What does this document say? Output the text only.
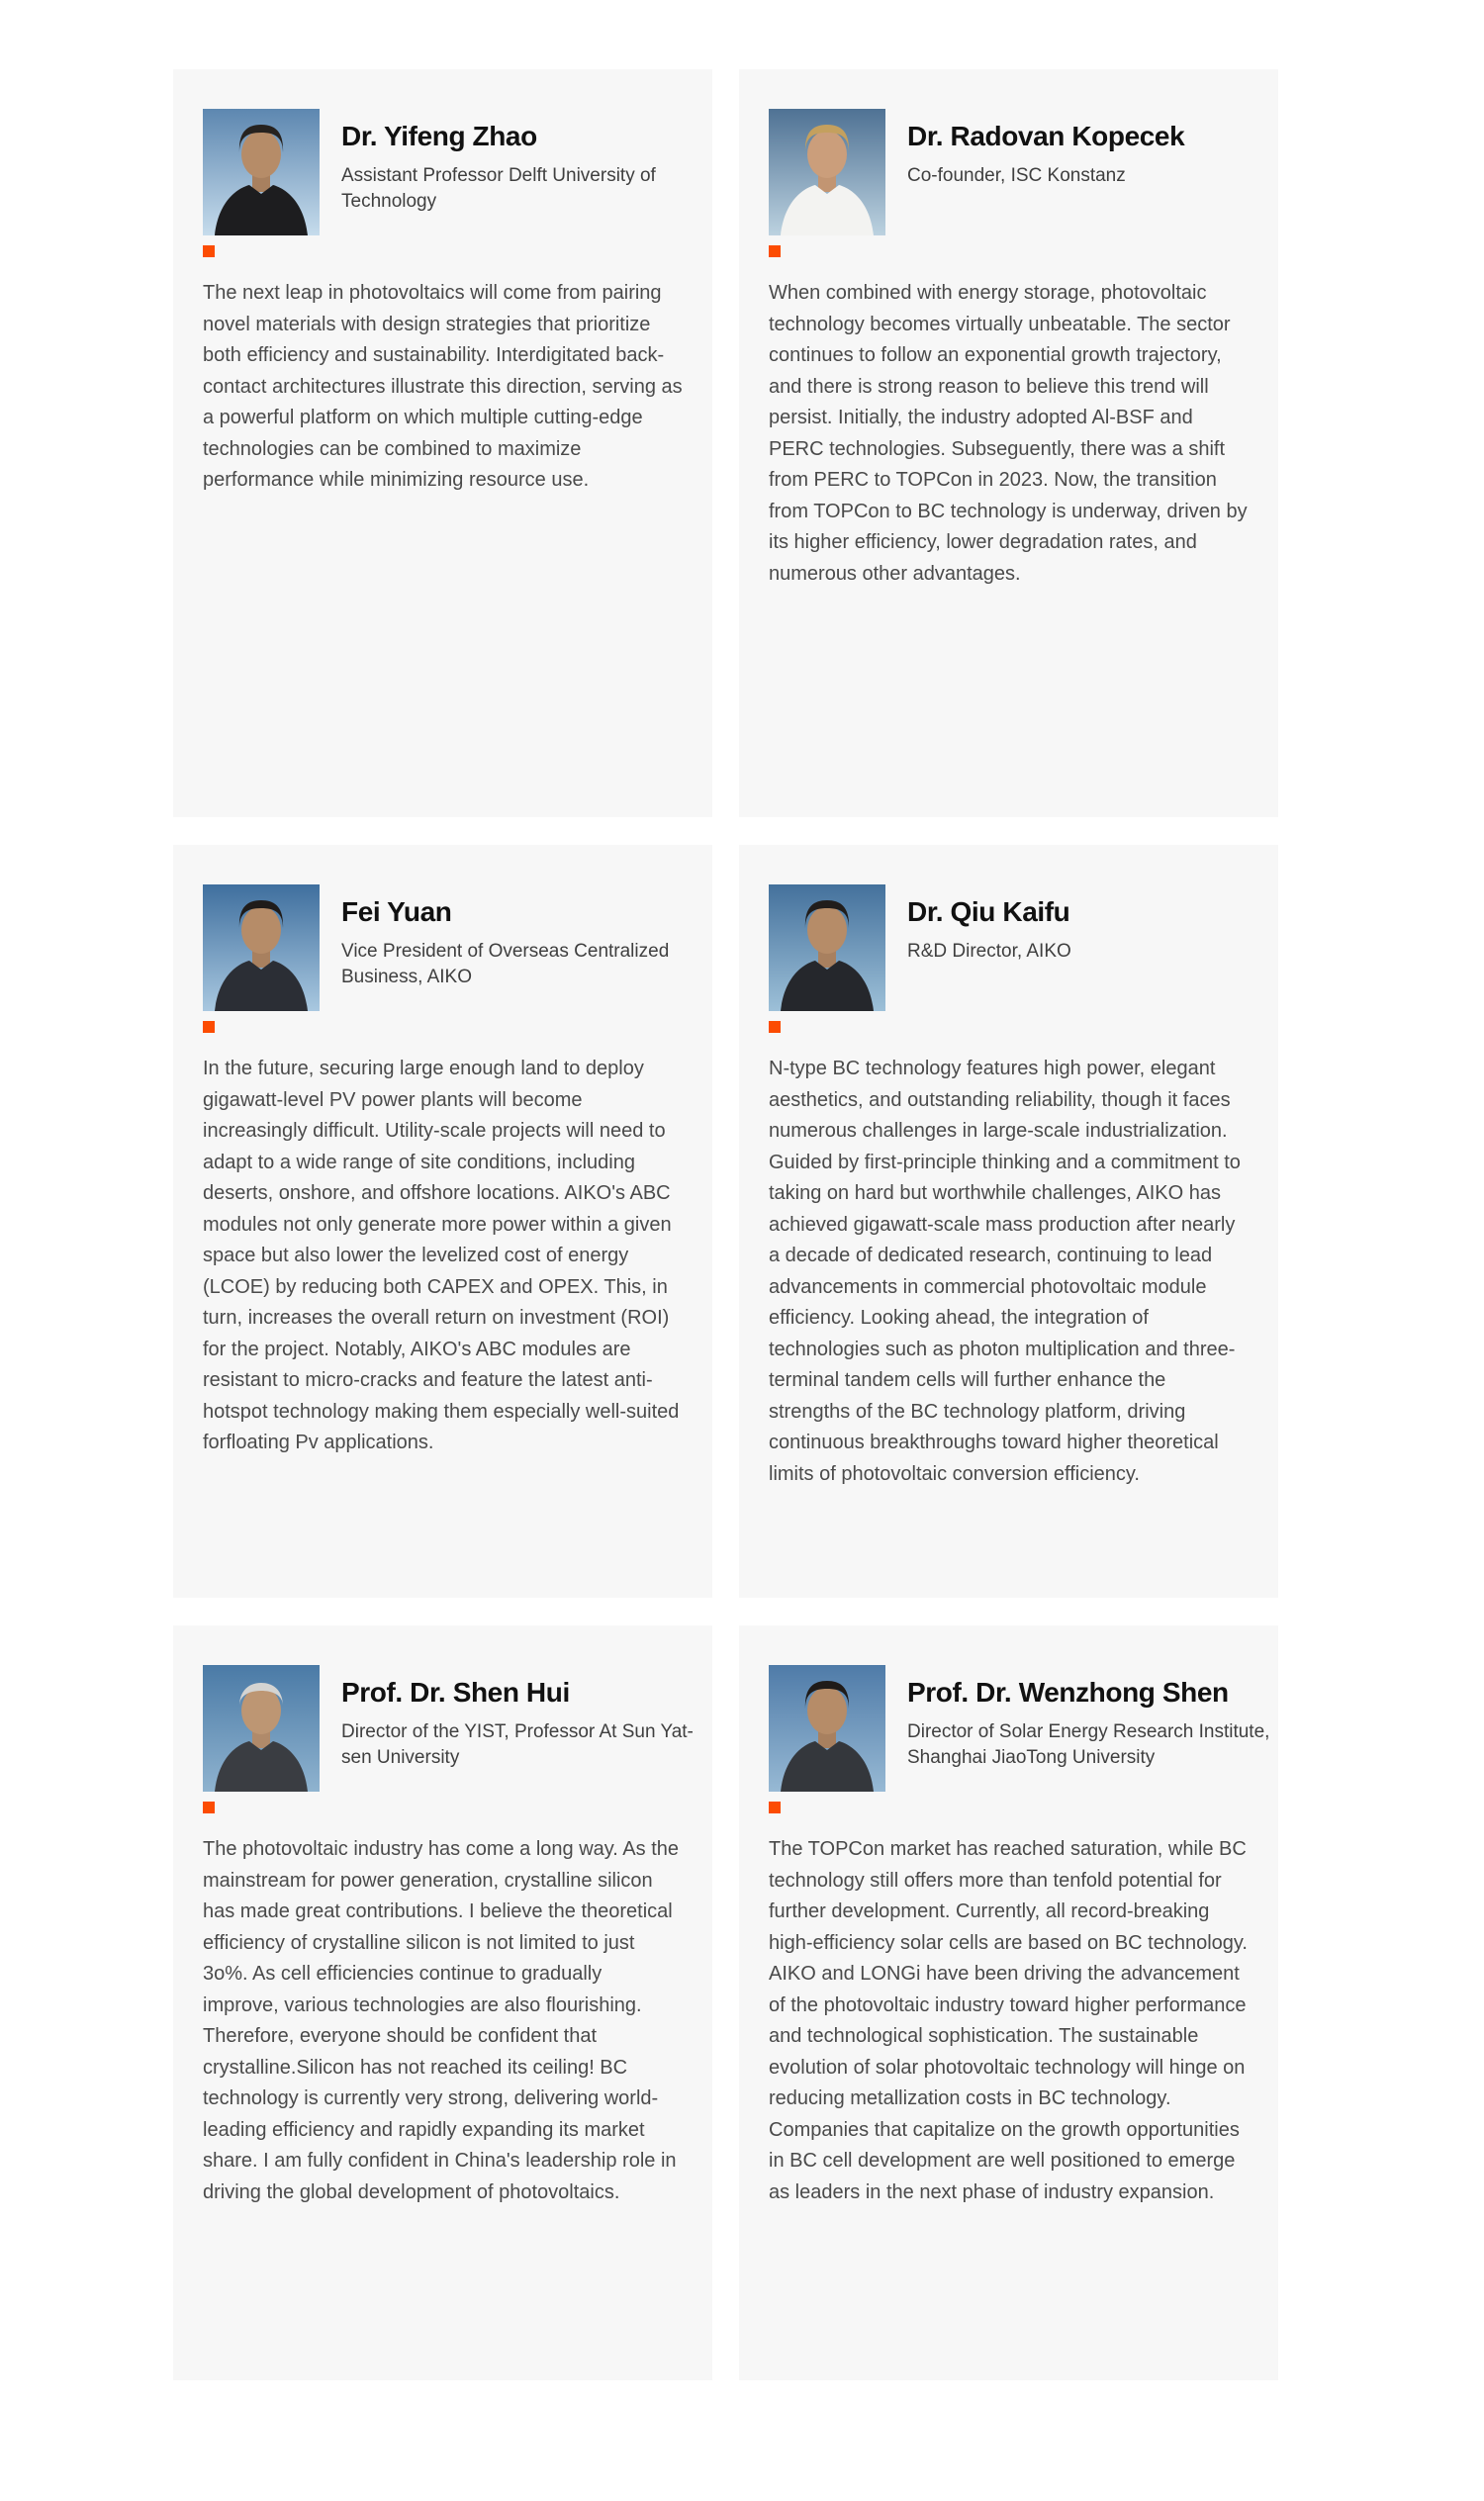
Dr. Yifeng Zhao

Assistant Professor Delft University of Technology

The next leap in photovoltaics will come from pairing novel materials with design strategies that prioritize both efficiency and sustainability. Interdigitated back-contact architectures illustrate this direction, serving as a powerful platform on which multiple cutting-edge technologies can be combined to maximize performance while minimizing resource use.

Dr. Radovan Kopecek

Co-founder, ISC Konstanz

When combined with energy storage, photovoltaic technology becomes virtually unbeatable. The sector continues to follow an exponential growth trajectory, and there is strong reason to believe this trend will persist. Initially, the industry adopted Al-BSF and PERC technologies. Subseguently, there was a shift from PERC to TOPCon in 2023. Now, the transition from TOPCon to BC technology is underway, driven by its higher efficiency, lower degradation rates, and numerous other advantages.

Fei Yuan

Vice President of Overseas Centralized Business, AIKO

In the future, securing large enough land to deploy gigawatt-level PV power plants will become increasingly difficult. Utility-scale projects will need to adapt to a wide range of site conditions, including deserts, onshore, and offshore locations. AIKO's ABC modules not only generate more power within a given space but also lower the levelized cost of energy (LCOE) by reducing both CAPEX and OPEX. This, in turn, increases the overall return on investment (ROI) for the project. Notably, AIKO's ABC modules are resistant to micro-cracks and feature the latest anti-hotspot technology making them especially well-suited forfloating Pv applications.

Dr. Qiu Kaifu

R&D Director, AIKO

N-type BC technology features high power, elegant aesthetics, and outstanding reliability, though it faces numerous challenges in large-scale industrialization. Guided by first-principle thinking and a commitment to taking on hard but worthwhile challenges, AIKO has achieved gigawatt-scale mass production after nearly a decade of dedicated research, continuing to lead advancements in commercial photovoltaic module efficiency. Looking ahead, the integration of technologies such as photon multiplication and three-terminal tandem cells will further enhance the strengths of the BC technology platform, driving continuous breakthroughs toward higher theoretical limits of photovoltaic conversion efficiency.

Prof. Dr. Shen Hui

Director of the YIST, Professor At Sun Yat-sen University

The photovoltaic industry has come a long way. As the mainstream for power generation, crystalline silicon has made great contributions. I believe the theoretical efficiency of crystalline silicon is not limited to just 3o%. As cell efficiencies continue to gradually improve, various technologies are also flourishing. Therefore, everyone should be confident that crystalline.Silicon has not reached its ceiling! BC technology is currently very strong, delivering world-leading efficiency and rapidly expanding its market share. I am fully confident in China's leadership role in driving the global development of photovoltaics.

Prof. Dr. Wenzhong Shen

Director of Solar Energy Research Institute, Shanghai JiaoTong University

The TOPCon market has reached saturation, while BC technology still offers more than tenfold potential for further development. Currently, all record-breaking high-efficiency solar cells are based on BC technology. AIKO and LONGi have been driving the advancement of the photovoltaic industry toward higher performance and technological sophistication. The sustainable evolution of solar photovoltaic technology will hinge on reducing metallization costs in BC technology. Companies that capitalize on the growth opportunities in BC cell development are well positioned to emerge as leaders in the next phase of industry expansion.
